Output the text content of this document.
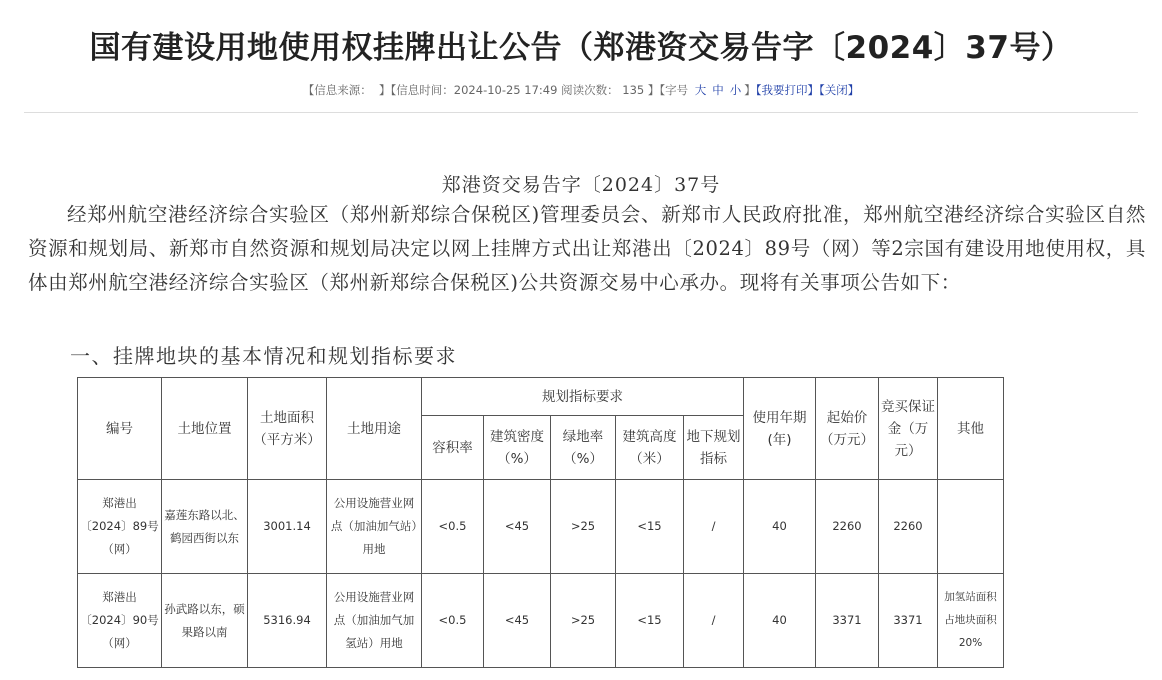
国有建设用地使用权挂牌出让公告（郑港资交易告字〔2024〕37号）
【信息来源： 】【信息时间：2024-10-25 17:49 阅读次数： 135 】【字号 大 中 小 】【我要打印】【关闭】
郑港资交易告字〔2024〕37号

经郑州航空港经济综合实验区（郑州新郑综合保税区)管理委员会、新郑市人民政府批准，郑州航空港经济综合实验区自然资源和规划局、新郑市自然资源和规划局决定以网上挂牌方式出让郑港出〔2024〕89号（网）等2宗国有建设用地使用权，具体由郑州航空港经济综合实验区（郑州新郑综合保税区)公共资源交易中心承办。现将有关事项公告如下：

一、挂牌地块的基本情况和规划指标要求
编号	土地位置	土地面积（平方米）	土地用途	规划指标要求					使用年期(年)	起始价（万元）	竞买保证金（万元）	其他
				容积率	建筑密度（%）	绿地率（%）	建筑高度（米）	地下规划指标				
郑港出〔2024〕89号（网）	嘉莲东路以北、鹤园西街以东	3001.14	公用设施营业网点（加油加气站）用地	<0.5	<45	>25	<15	/	40	2260	2260	
郑港出〔2024〕90号（网）	孙武路以东，硕果路以南	5316.94	公用设施营业网点（加油加气加氢站）用地	<0.5	<45	>25	<15	/	40	3371	3371	加氢站面积占地块面积 20%
